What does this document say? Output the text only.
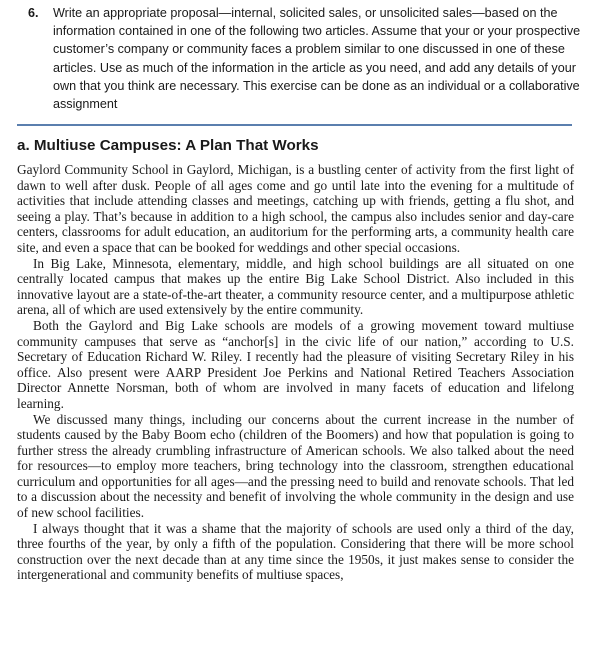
6. Write an appropriate proposal—internal, solicited sales, or unsolicited sales—based on the information contained in one of the following two articles. Assume that your or your prospective customer’s company or community faces a problem similar to one discussed in one of these articles. Use as much of the information in the article as you need, and add any details of your own that you think are necessary. This exercise can be done as an individual or a collaborative assignment
a. Multiuse Campuses: A Plan That Works

Gaylord Community School in Gaylord, Michigan, is a bustling center of activity from the first light of dawn to well after dusk. People of all ages come and go until late into the evening for a multitude of activities that include attending classes and meetings, catching up with friends, getting a flu shot, and seeing a play. That’s because in addition to a high school, the campus also includes senior and day-care centers, classrooms for adult education, an auditorium for the performing arts, a community health care site, and even a space that can be booked for weddings and other special occasions.

In Big Lake, Minnesota, elementary, middle, and high school buildings are all situated on one centrally located campus that makes up the entire Big Lake School District. Also included in this innovative layout are a state-of-the-art theater, a community resource center, and a multipurpose athletic arena, all of which are used extensively by the entire community.

Both the Gaylord and Big Lake schools are models of a growing movement toward multiuse community campuses that serve as “anchor[s] in the civic life of our nation,” according to U.S. Secretary of Education Richard W. Riley. I recently had the pleasure of visiting Secretary Riley in his office. Also present were AARP President Joe Perkins and National Retired Teachers Association Director Annette Norsman, both of whom are involved in many facets of education and lifelong learning.

We discussed many things, including our concerns about the current increase in the number of students caused by the Baby Boom echo (children of the Boomers) and how that population is going to further stress the already crumbling infrastructure of American schools. We also talked about the need for resources—to employ more teachers, bring technology into the classroom, strengthen educational curriculum and opportunities for all ages—and the pressing need to build and renovate schools. That led to a discussion about the necessity and benefit of involving the whole community in the design and use of new school facilities.

I always thought that it was a shame that the majority of schools are used only a third of the day, three fourths of the year, by only a fifth of the population. Considering that there will be more school construction over the next decade than at any time since the 1950s, it just makes sense to consider the intergenerational and community benefits of multiuse spaces,
